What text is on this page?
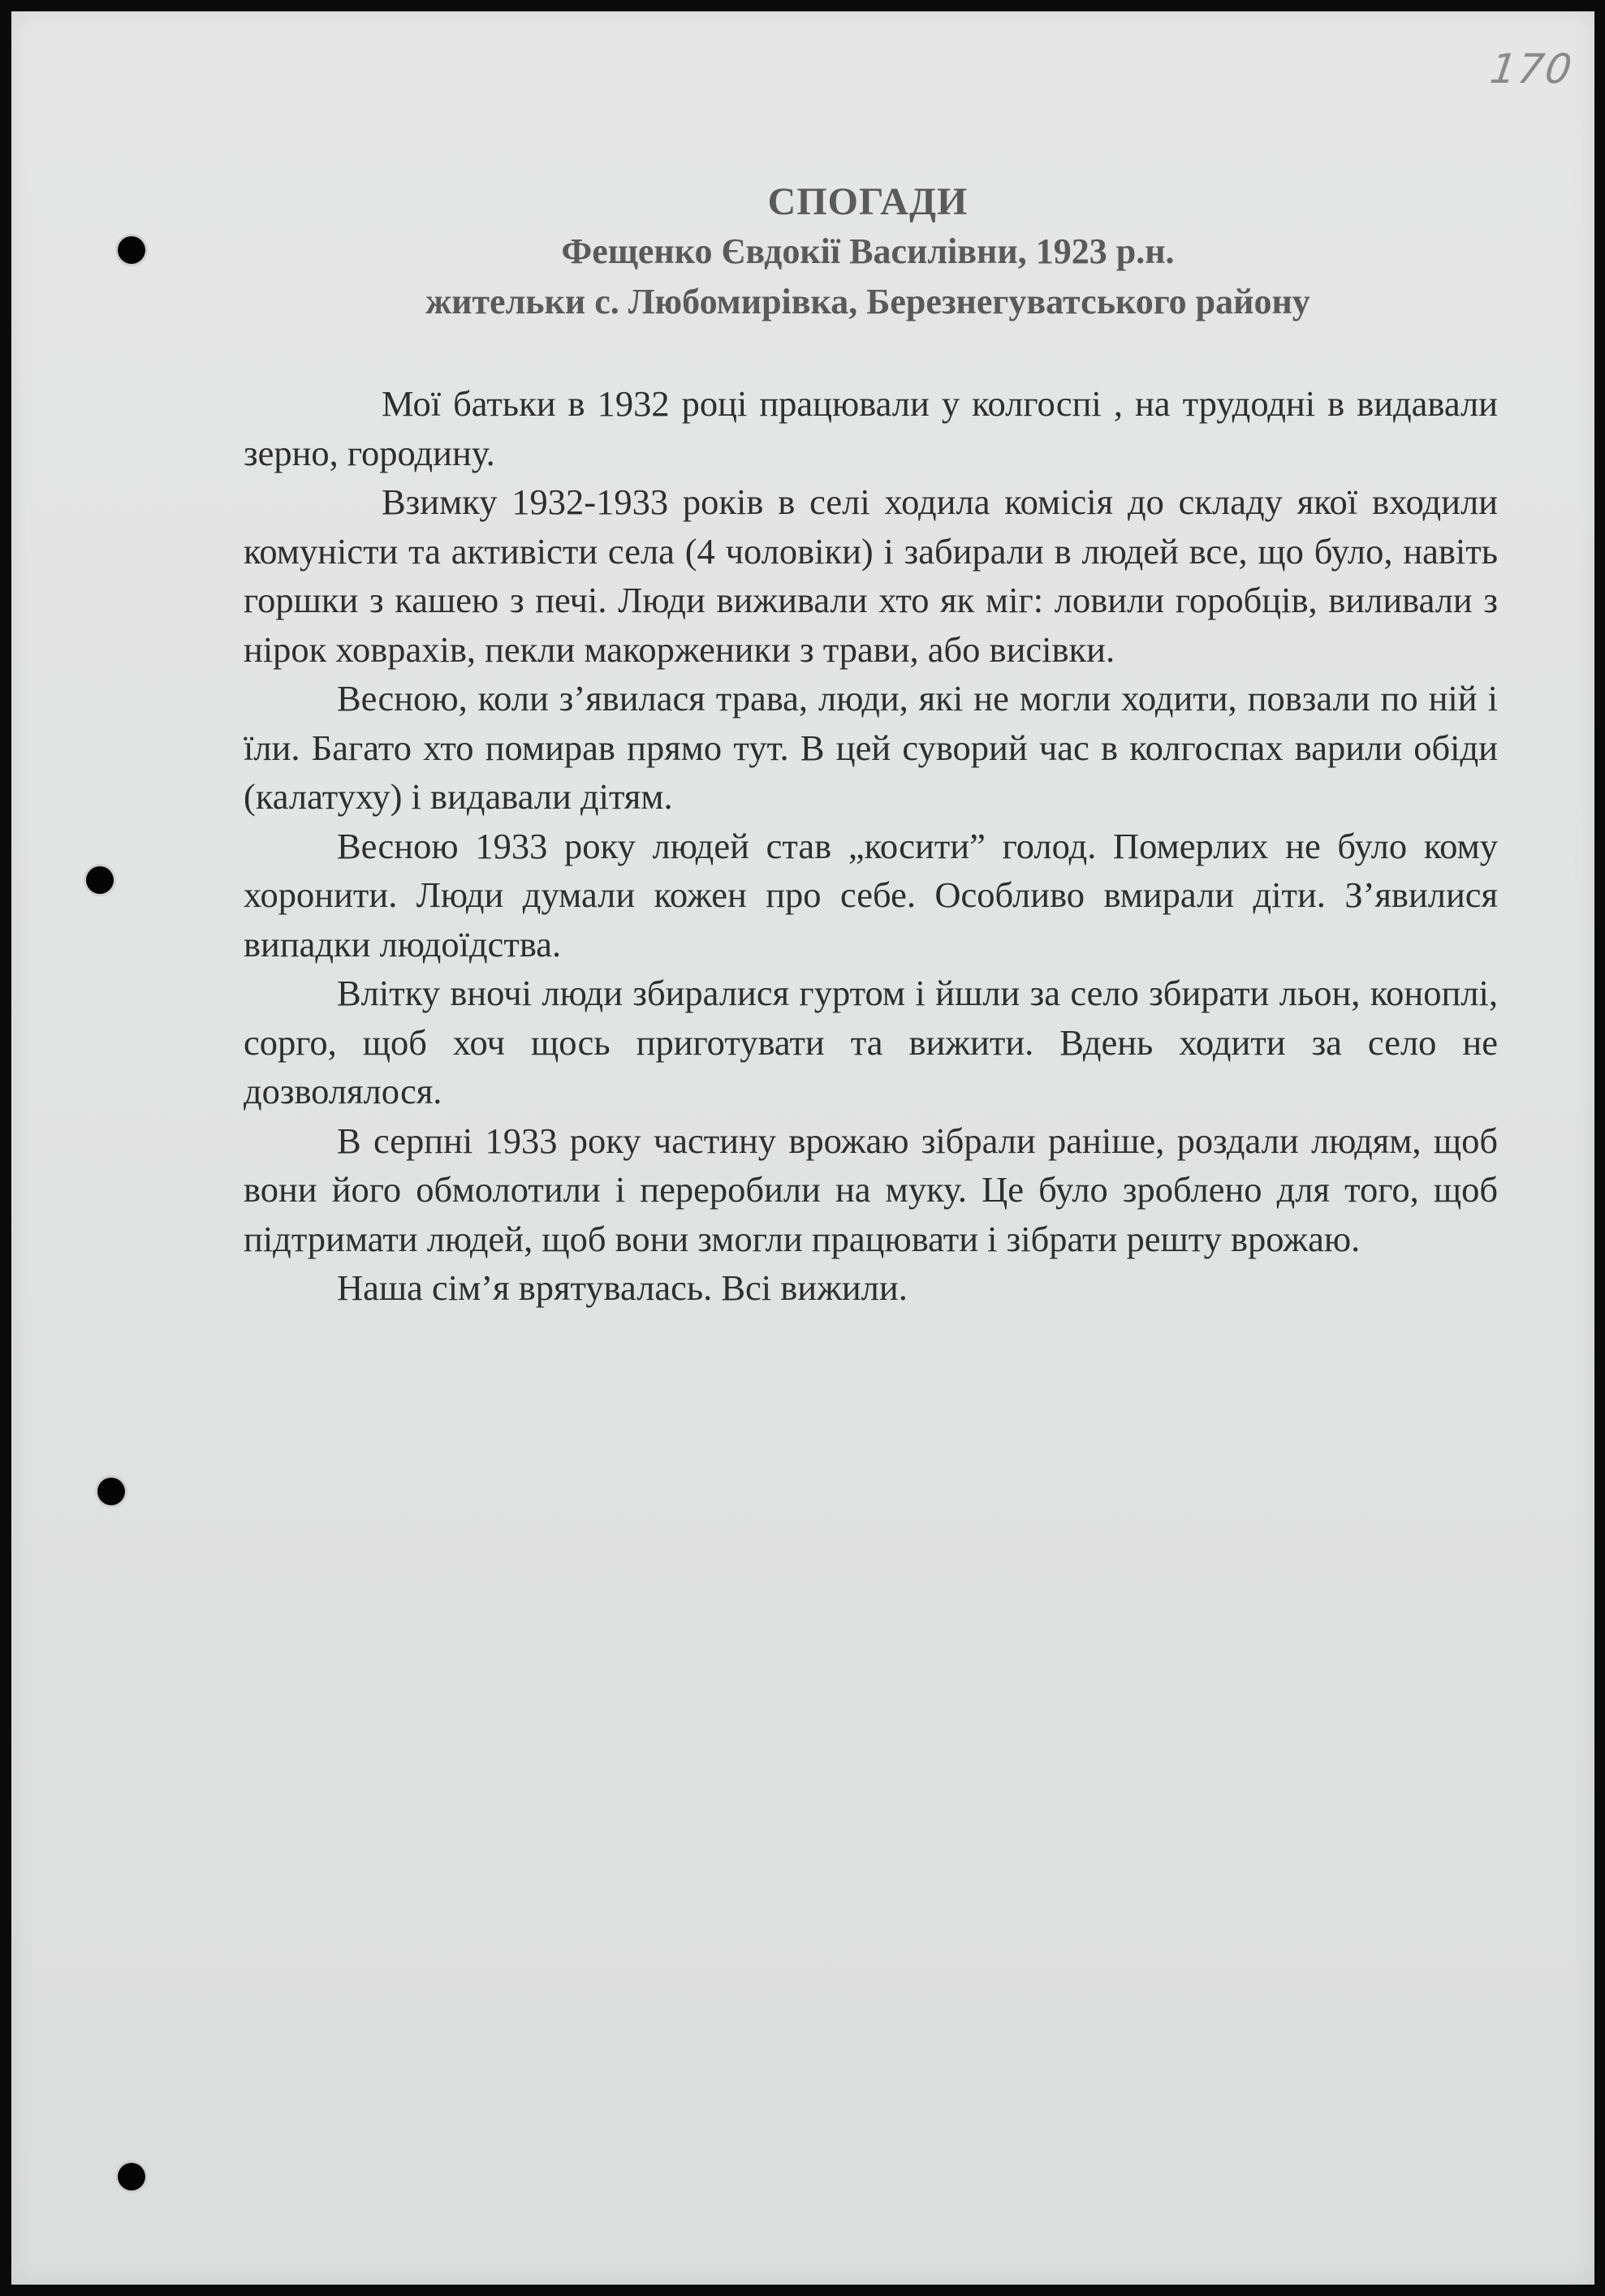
170
СПОГАДИ
Фещенко Євдокії Василівни, 1923 р.н.
жительки с. Любомирівка, Березнегуватського району

Мої батьки в 1932 році працювали у колгоспі , на трудодні в видавали зерно, городину.

Взимку 1932-1933 років в селі ходила комісія до складу якої входили комуністи та активісти села (4 чоловіки) і забирали в людей все, що було, навіть горшки з кашею з печі. Люди виживали хто як міг: ловили горобців, виливали з нірок ховрахів, пекли макорженики з трави, або висівки.

Весною, коли з’явилася трава, люди, які не могли ходити, повзали по ній і їли. Багато хто помирав прямо тут. В цей суворий час в колгоспах варили обіди (калатуху) і видавали дітям.

Весною 1933 року людей став „косити” голод. Померлих не було кому хоронити. Люди думали кожен про себе. Особливо вмирали діти. З’явилися випадки людоїдства.

Влітку вночі люди збиралися гуртом і йшли за село збирати льон, коноплі, сорго, щоб хоч щось приготувати та вижити. Вдень ходити за село не дозволялося.

В серпні 1933 року частину врожаю зібрали раніше, роздали людям, щоб вони його обмолотили і переробили на муку. Це було зроблено для того, щоб підтримати людей, щоб вони змогли працювати і зібрати решту врожаю.

Наша сім’я врятувалась. Всі вижили.
